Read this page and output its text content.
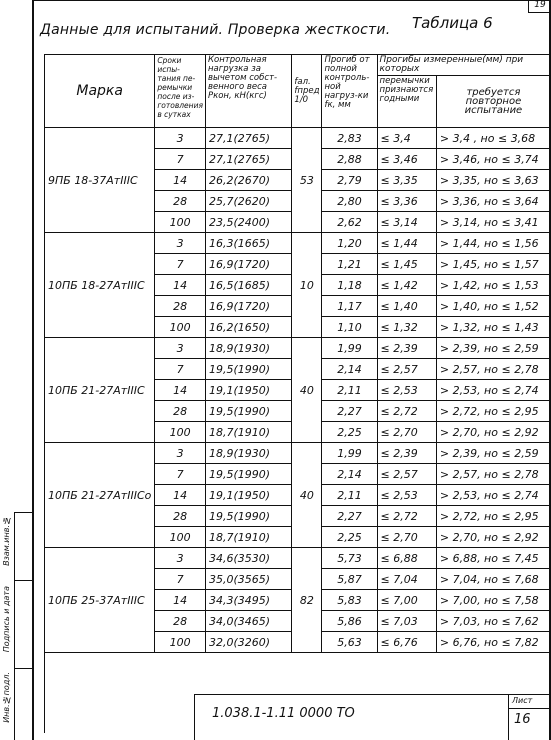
19
Данные для испытаний. Проверка жесткости. Таблица 6
Марка	Сроки испы-тания пе-ремычки после из-готовления в сутках	Контрольная нагрузка за вычетом собст-венного веса Pкон, кН(кгс)	fал. fпред 1/0	Прогиб от полной контроль-ной нагруз-ки fк, мм	Прогибы измеренные(мм) при которых	
					перемычки признаются годными	требуется повторное испытание
9ПБ 18-37АтIIIС	3	27,1(2765)	53	2,83	≤ 3,4	> 3,4 , но ≤ 3,68
	7	27,1(2765)		2,88	≤ 3,46	> 3,46, но ≤ 3,74
	14	26,2(2670)		2,79	≤ 3,35	> 3,35, но ≤ 3,63
	28	25,7(2620)		2,80	≤ 3,36	> 3,36, но ≤ 3,64
	100	23,5(2400)		2,62	≤ 3,14	> 3,14, но ≤ 3,41
10ПБ 18-27АтIIIС	3	16,3(1665)	10	1,20	≤ 1,44	> 1,44, но ≤ 1,56
	7	16,9(1720)		1,21	≤ 1,45	> 1,45, но ≤ 1,57
	14	16,5(1685)		1,18	≤ 1,42	> 1,42, но ≤ 1,53
	28	16,9(1720)		1,17	≤ 1,40	> 1,40, но ≤ 1,52
	100	16,2(1650)		1,10	≤ 1,32	> 1,32, но ≤ 1,43
10ПБ 21-27АтIIIС	3	18,9(1930)	40	1,99	≤ 2,39	> 2,39, но ≤ 2,59
	7	19,5(1990)		2,14	≤ 2,57	> 2,57, но ≤ 2,78
	14	19,1(1950)		2,11	≤ 2,53	> 2,53, но ≤ 2,74
	28	19,5(1990)		2,27	≤ 2,72	> 2,72, но ≤ 2,95
	100	18,7(1910)		2,25	≤ 2,70	> 2,70, но ≤ 2,92
10ПБ 21-27АтIIIСо	3	18,9(1930)	40	1,99	≤ 2,39	> 2,39, но ≤ 2,59
	7	19,5(1990)		2,14	≤ 2,57	> 2,57, но ≤ 2,78
	14	19,1(1950)		2,11	≤ 2,53	> 2,53, но ≤ 2,74
	28	19,5(1990)		2,27	≤ 2,72	> 2,72, но ≤ 2,95
	100	18,7(1910)		2,25	≤ 2,70	> 2,70, но ≤ 2,92
10ПБ 25-37АтIIIС	3	34,6(3530)	82	5,73	≤ 6,88	> 6,88, но ≤ 7,45
	7	35,0(3565)		5,87	≤ 7,04	> 7,04, но ≤ 7,68
	14	34,3(3495)		5,83	≤ 7,00	> 7,00, но ≤ 7,58
	28	34,0(3465)		5,86	≤ 7,03	> 7,03, но ≤ 7,62
	100	32,0(3260)		5,63	≤ 6,76	> 6,76, но ≤ 7,82

1.038.1-1.11 0000 ТО
Лист
16
Инв.№подл.
Подпись и дата
Взам.инв.№
